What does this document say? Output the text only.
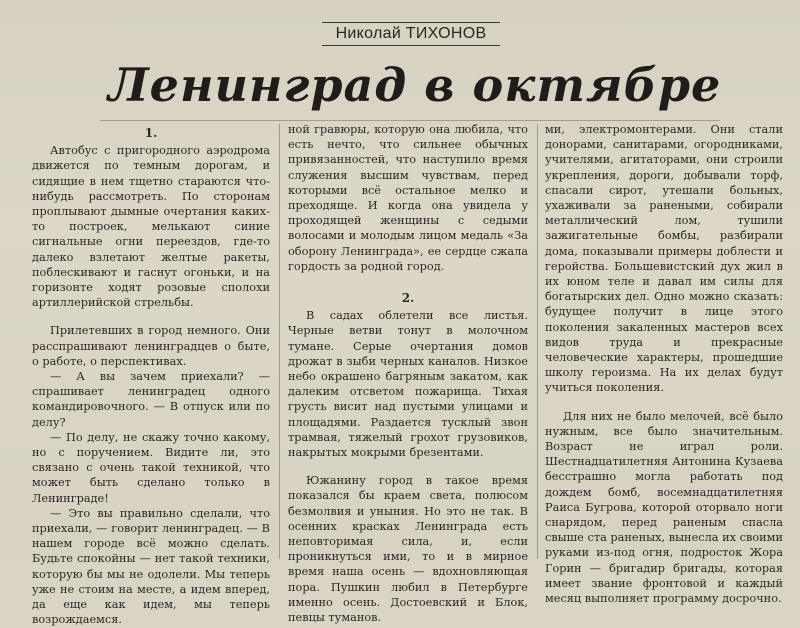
Николай ТИХОНОВ
Ленинград в октябре
1.

Автобус с пригородного аэродрома движется по темным дорогам, и сидящие в нем тщетно стараются что-нибудь рассмотреть. По сторонам проплывают дымные очертания каких-то построек, мелькают синие сигнальные огни переездов, где-то далеко взлетают желтые ракеты, поблескивают и гаснут огоньки, и на горизонте ходят розовые сполохи артиллерийской стрельбы.

Прилетевших в город немного. Они расспрашивают ленинградцев о быте, о работе, о перспективах.

— А вы зачем приехали? — спрашивает ленинградец одного командировочного. — В отпуск или по делу?

— По делу, не скажу точно какому, но с поручением. Видите ли, это связано с очень такой техникой, что может быть сделано только в Ленинграде!

— Это вы правильно сделали, что приехали, — говорит ленинградец. — В нашем городе всё можно сделать. Будьте спокойны — нет такой техники, которую бы мы не одолели. Мы теперь уже не стоим на месте, а идем вперед, да еще как идем, мы теперь возрождаемся.

ной гравюры, которую она любила, что есть нечто, что сильнее обычных привязанностей, что наступило время служения высшим чувствам, перед которыми всё остальное мелко и преходяще. И когда она увидела у проходящей женщины с седыми волосами и молодым лицом медаль «За оборону Ленинграда», ее сердце сжала гордость за родной город.

2.

В садах облетели все листья. Черные ветви тонут в молочном тумане. Серые очертания домов дрожат в зыби черных каналов. Низкое небо окрашено багряным закатом, как далеким отсветом пожарища. Тихая грусть висит над пустыми улицами и площадями. Раздается тусклый звон трамвая, тяжелый грохот грузовиков, накрытых мокрыми брезентами.

Южанину город в такое время показался бы краем света, полюсом безмолвия и уныния. Но это не так. В осенних красках Ленинграда есть неповторимая сила, и, если проникнуться ими, то и в мирное время наша осень — вдохновляющая пора. Пушкин любил в Петербурге именно осень. Достоевский и Блок, певцы туманов.

ми, электромонтерами. Они стали донорами, санитарами, огородниками, учителями, агитаторами, они строили укрепления, дороги, добывали торф, спасали сирот, утешали больных, ухаживали за ранеными, собирали металлический лом, тушили зажигательные бомбы, разбирали дома, показывали примеры доблести и геройства. Большевистский дух жил в их юном теле и давал им силы для богатырских дел. Одно можно сказать: будущее получит в лице этого поколения закаленных мастеров всех видов труда и прекрасные человеческие характеры, прошедшие школу героизма. На их делах будут учиться поколения.

Для них не было мелочей, всё было нужным, все было значительным. Возраст не играл роли. Шестнадцатилетняя Антонина Кузаева бесстрашно могла работать под дождем бомб, восемнадцатилетняя Раиса Бугрова, которой оторвало ноги снарядом, перед раненым спасла свыше ста раненых, вынесла их своими руками из-под огня, подросток Жора Горин — бригадир бригады, которая имеет звание фронтовой и каждый месяц выполняет программу досрочно.
